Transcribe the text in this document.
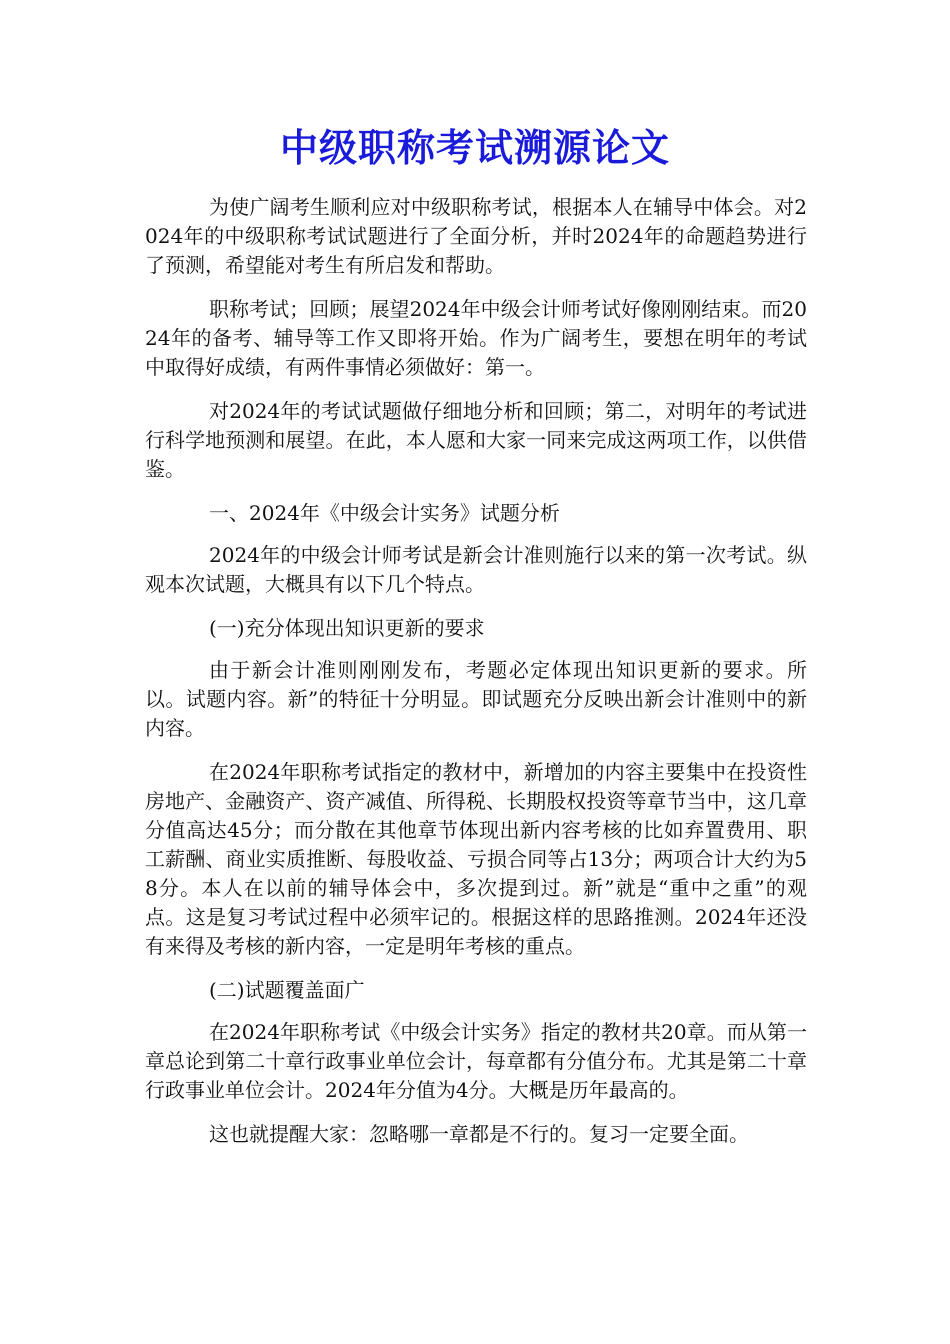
中级职称考试溯源论文

为使广阔考生顺利应对中级职称考试，根据本人在辅导中体会。对2024年的中级职称考试试题进行了全面分析，并时2024年的命题趋势进行了预测，希望能对考生有所启发和帮助。

职称考试；回顾；展望2024年中级会计师考试好像刚刚结束。而2024年的备考、辅导等工作又即将开始。作为广阔考生，要想在明年的考试中取得好成绩，有两件事情必须做好：第一。

对2024年的考试试题做仔细地分析和回顾；第二，对明年的考试进行科学地预测和展望。在此，本人愿和大家一同来完成这两项工作，以供借鉴。

一、2024年《中级会计实务》试题分析

2024年的中级会计师考试是新会计准则施行以来的第一次考试。纵观本次试题，大概具有以下几个特点。

(一)充分体现出知识更新的要求

由于新会计准则刚刚发布，考题必定体现出知识更新的要求。所以。试题内容。新”的特征十分明显。即试题充分反映出新会计准则中的新内容。

在2024年职称考试指定的教材中，新增加的内容主要集中在投资性房地产、金融资产、资产减值、所得税、长期股权投资等章节当中，这几章分值高达45分；而分散在其他章节体现出新内容考核的比如弃置费用、职工薪酬、商业实质推断、每股收益、亏损合同等占13分；两项合计大约为58分。本人在以前的辅导体会中，多次提到过。新”就是“重中之重”的观点。这是复习考试过程中必须牢记的。根据这样的思路推测。2024年还没有来得及考核的新内容，一定是明年考核的重点。

(二)试题覆盖面广

在2024年职称考试《中级会计实务》指定的教材共20章。而从第一章总论到第二十章行政事业单位会计，每章都有分值分布。尤其是第二十章行政事业单位会计。2024年分值为4分。大概是历年最高的。

这也就提醒大家：忽略哪一章都是不行的。复习一定要全面。
